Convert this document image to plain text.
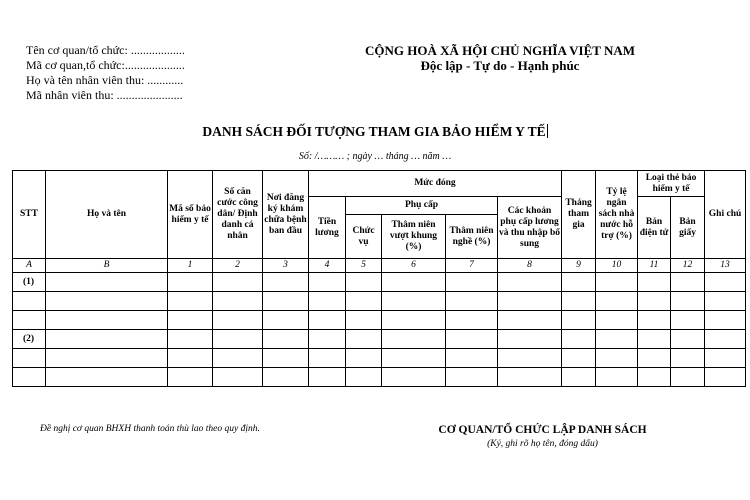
Tên cơ quan/tổ chức: ..................
Mã cơ quan,tổ chức:....................
Họ và tên nhân viên thu: ............
Mã nhân viên thu: ......................
CỘNG HOÀ XÃ HỘI CHỦ NGHĨA VIỆT NAM
Độc lập - Tự do - Hạnh phúc
DANH SÁCH ĐỐI TƯỢNG THAM GIA BẢO HIỂM Y TẾ
Số: /……… ; ngày … tháng … năm …
STT	Họ và tên	Mã số bảo hiểm y tế	Số căn cước công dân/ Định danh cá nhân	Nơi đăng ký khám chữa bệnh ban đầu	Mức đóng					Tháng tham gia	Tỷ lệ ngân sách nhà nước hỗ trợ (%)	Loại thẻ bảo hiểm y tế		Ghi chú
					Tiền lương	Phụ cấp			Các khoản phụ cấp lương và thu nhập bổ sung			Bản điện tử	Bản giấy	
						Chức vụ	Thâm niên vượt khung (%)	Thâm niên nghề (%)						
A	B	1	2	3	4	5	6	7	8	9	10	11	12	13
(1)														

(2)														

Đề nghị cơ quan BHXH thanh toán thù lao theo quy định.	CƠ QUAN/TỔ CHỨC LẬP DANH SÁCH
(Ký, ghi rõ họ tên, đóng dấu)
